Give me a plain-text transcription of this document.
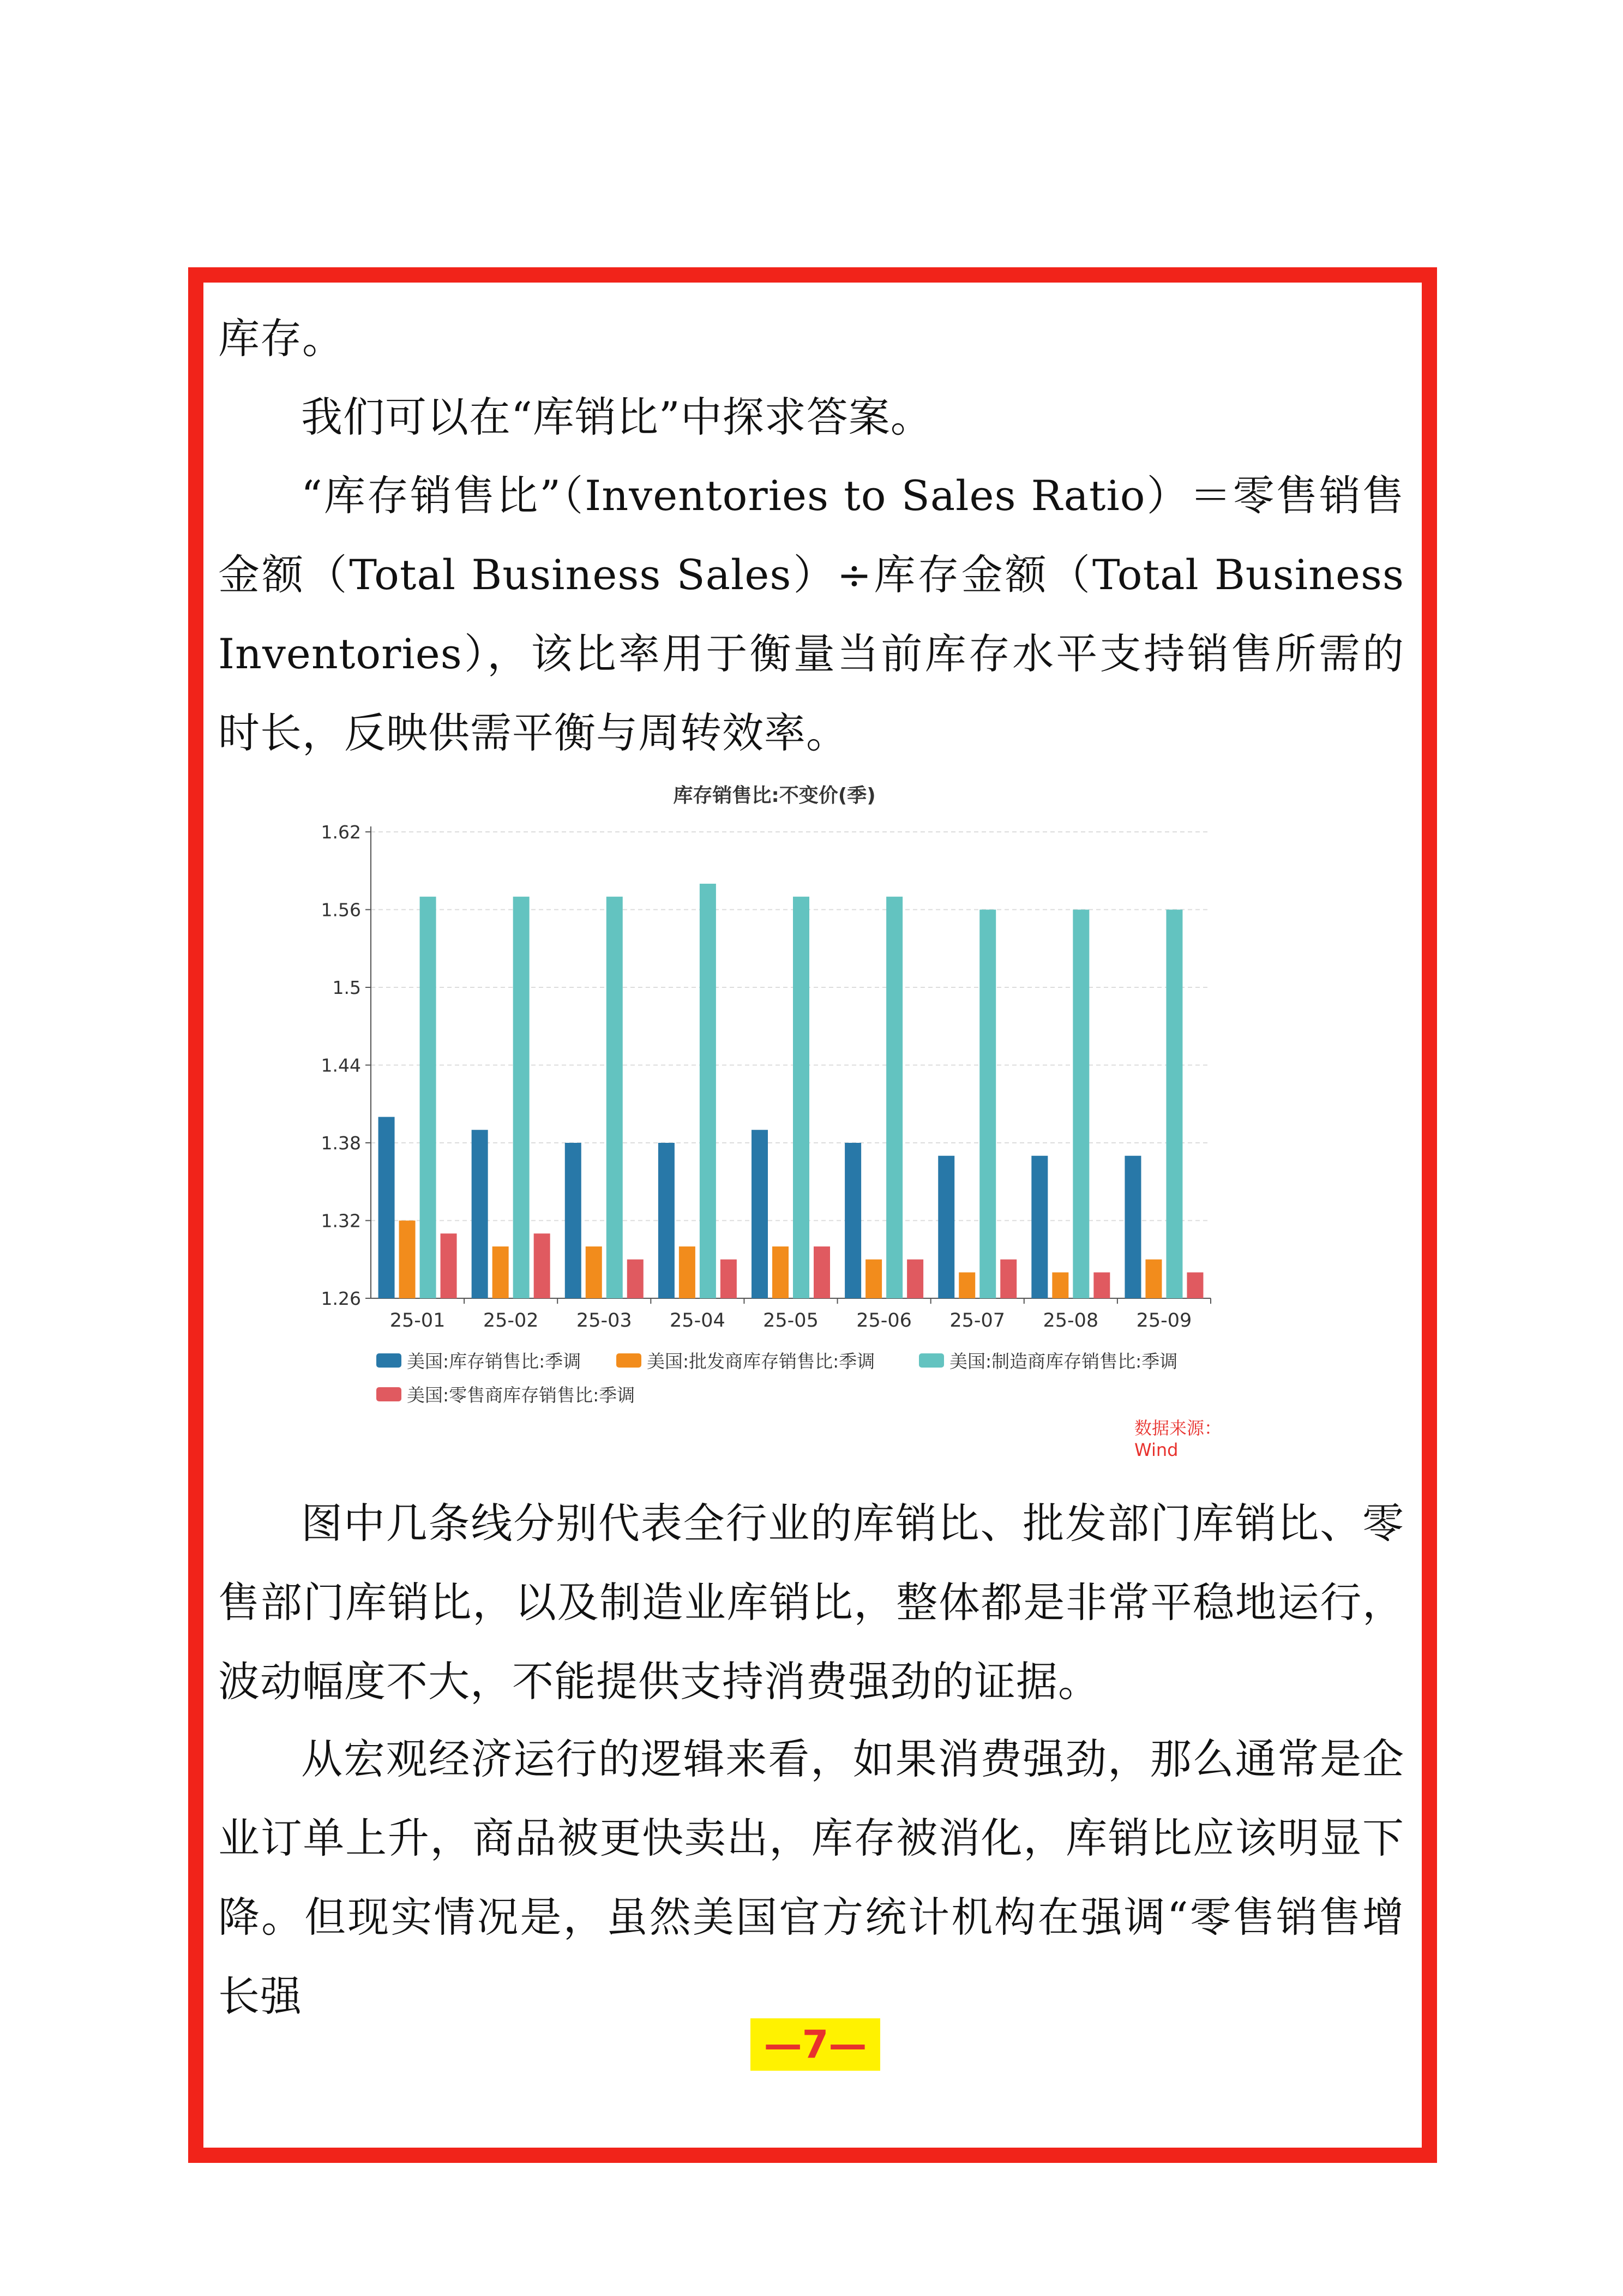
库存。
我们可以在“库销比”中探求答案。
“库存销售比”（Inventories to Sales Ratio）＝零售销售金额（Total Business Sales）÷库存金额（Total Business Inventories），该比率用于衡量当前库存水平支持销售所需的时长，反映供需平衡与周转效率。
库存销售比:不变价(季)
1.62
1.56
1.5
1.44
1.38
1.32
1.26
25-01 25-02 25-03 25-04 25-05 25-06 25-07 25-08 25-09
美国:库存销售比:季调	美国:批发商库存销售比:季调	美国:制造商库存销售比:季调
美国:零售商库存销售比:季调
数据来源：Wind
图中几条线分别代表全行业的库销比、批发部门库销比、零售部门库销比，以及制造业库销比，整体都是非常平稳地运行，波动幅度不大，不能提供支持消费强劲的证据。
从宏观经济运行的逻辑来看，如果消费强劲，那么通常是企业订单上升，商品被更快卖出，库存被消化，库销比应该明显下降。但现实情况是，虽然美国官方统计机构在强调“零售销售增长强
—7—
